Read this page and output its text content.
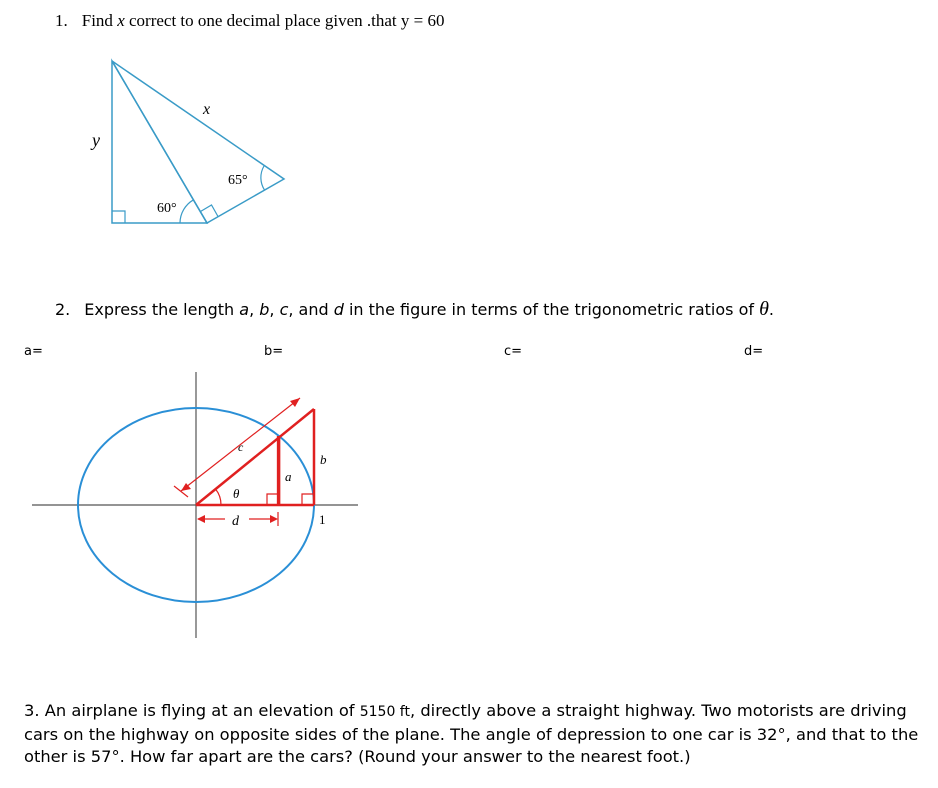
1. Find x correct to one decimal place given .that y = 60
x
y
60°
65°
2. Express the length a, b, c, and d in the figure in terms of the trigonometric ratios of θ.
a=	b=	c=	d=
c
a
b
θ
d	1
3. An airplane is flying at an elevation of 5150 ft, directly above a straight highway. Two motorists are driving cars on the highway on opposite sides of the plane. The angle of depression to one car is 32°, and that to the other is 57°. How far apart are the cars? (Round your answer to the nearest foot.)
